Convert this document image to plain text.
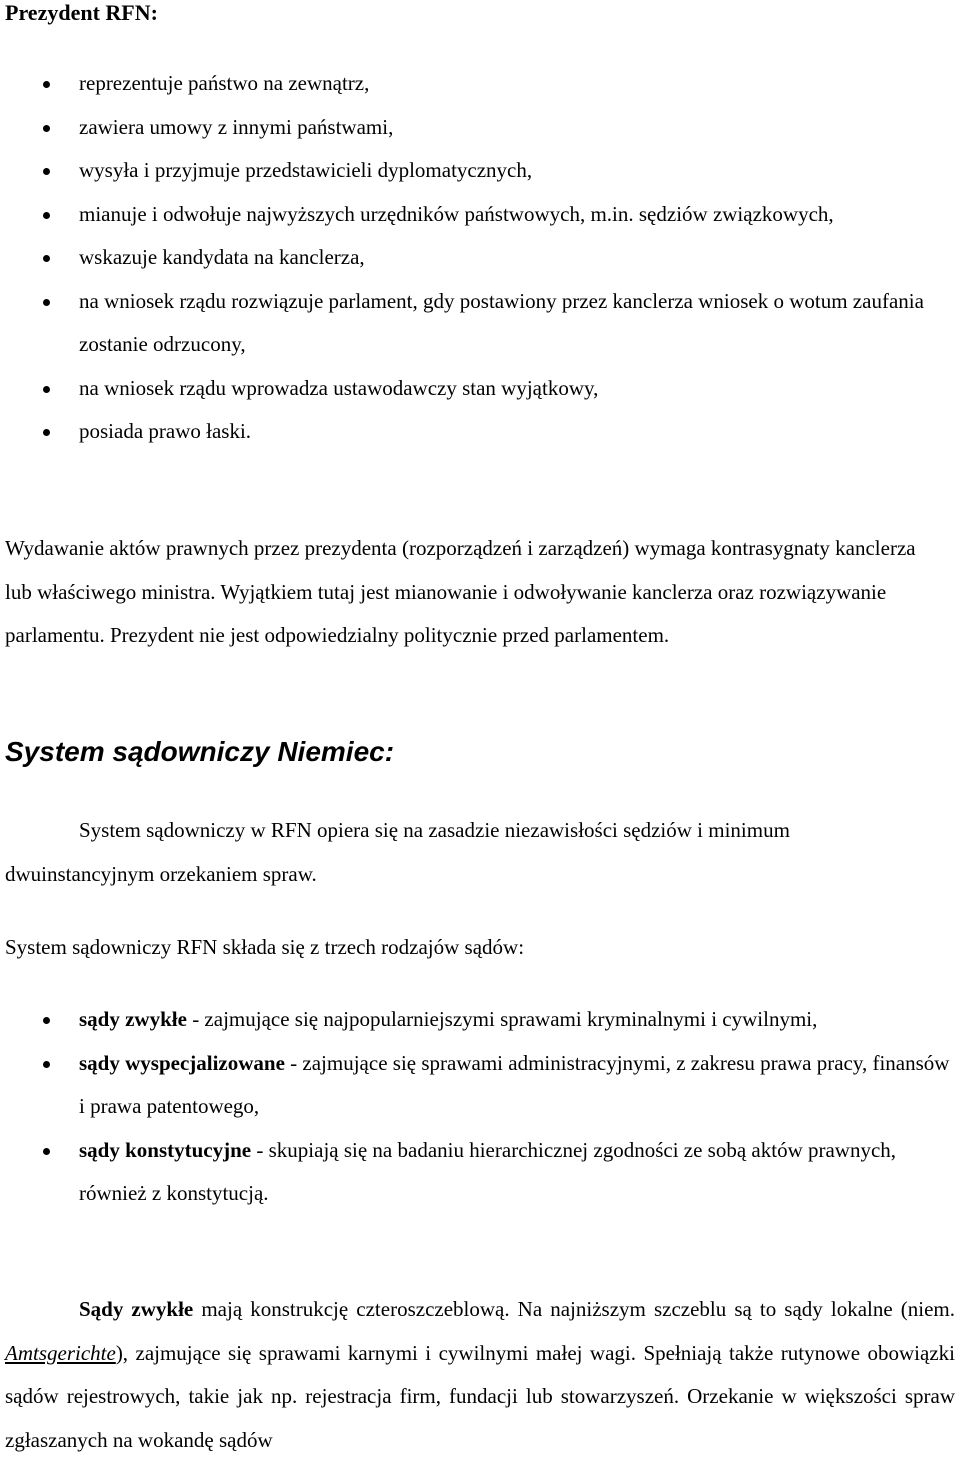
Prezydent RFN:
reprezentuje państwo na zewnątrz,
zawiera umowy z innymi państwami,
wysyła i przyjmuje przedstawicieli dyplomatycznych,
mianuje i odwołuje najwyższych urzędników państwowych, m.in. sędziów związkowych,
wskazuje kandydata na kanclerza,
na wniosek rządu rozwiązuje parlament, gdy postawiony przez kanclerza wniosek o wotum zaufania zostanie odrzucony,
na wniosek rządu wprowadza ustawodawczy stan wyjątkowy,
posiada prawo łaski.

Wydawanie aktów prawnych przez prezydenta (rozporządzeń i zarządzeń) wymaga kontrasygnaty kanclerza lub właściwego ministra. Wyjątkiem tutaj jest mianowanie i odwoływanie kanclerza oraz rozwiązywanie parlamentu. Prezydent nie jest odpowiedzialny politycznie przed parlamentem.

System sądowniczy Niemiec:

System sądowniczy w RFN opiera się na zasadzie niezawisłości sędziów i minimum dwuinstancyjnym orzekaniem spraw.

System sądowniczy RFN składa się z trzech rodzajów sądów:

sądy zwykłe - zajmujące się najpopularniejszymi sprawami kryminalnymi i cywilnymi,
sądy wyspecjalizowane - zajmujące się sprawami administracyjnymi, z zakresu prawa pracy, finansów i prawa patentowego,
sądy konstytucyjne - skupiają się na badaniu hierarchicznej zgodności ze sobą aktów prawnych, również z konstytucją.

Sądy zwykłe mają konstrukcję czteroszczeblową. Na najniższym szczeblu są to sądy lokalne (niem. Amtsgerichte), zajmujące się sprawami karnymi i cywilnymi małej wagi. Spełniają także rutynowe obowiązki sądów rejestrowych, takie jak np. rejestracja firm, fundacji lub stowarzyszeń. Orzekanie w większości spraw zgłaszanych na wokandę sądów
